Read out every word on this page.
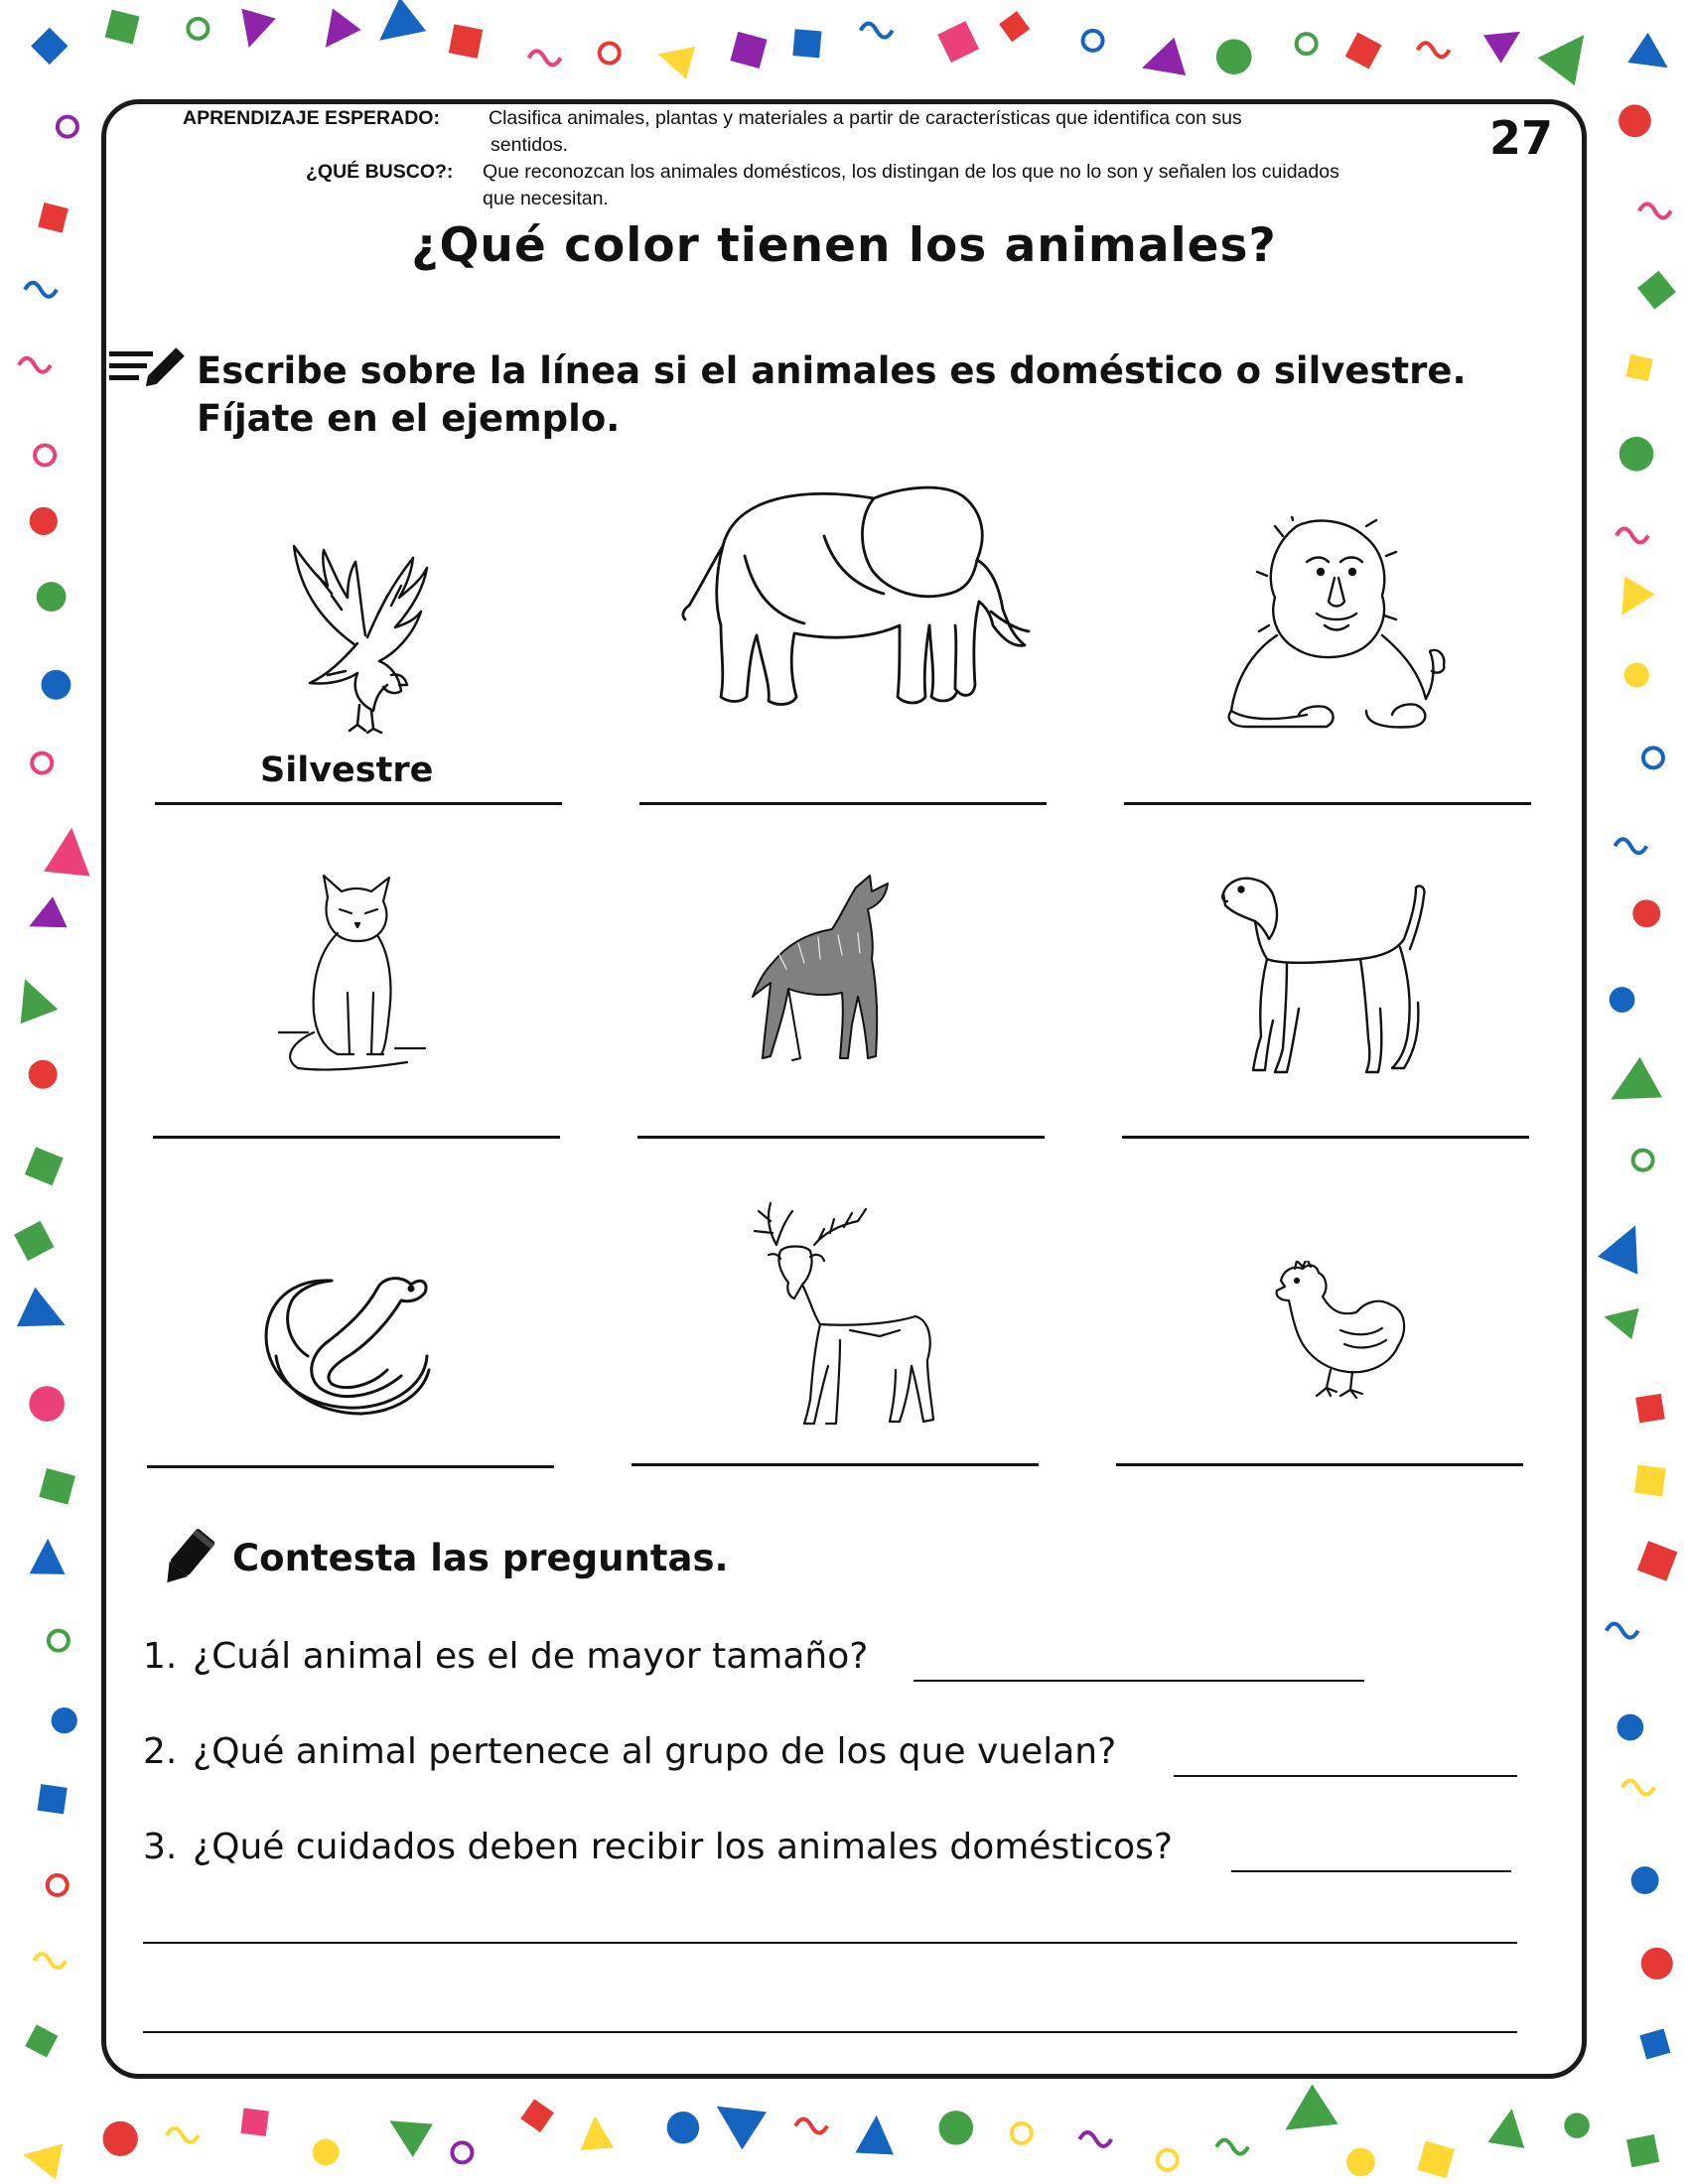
APRENDIZAJE ESPERADO:	Clasifica animales, plantas y materiales a partir de características que identifica con sus
sentidos.
¿QUÉ BUSCO?: Que reconozcan los animales domésticos, los distingan de los que no lo son y señalen los cuidados
que necesitan.
27
¿Qué color tienen los animales?
Escribe sobre la línea si el animales es doméstico o silvestre. Fíjate en el ejemplo.
Silvestre
Contesta las preguntas.
1. ¿Cuál animal es el de mayor tamaño?
2. ¿Qué animal pertenece al grupo de los que vuelan?
3. ¿Qué cuidados deben recibir los animales domésticos?
